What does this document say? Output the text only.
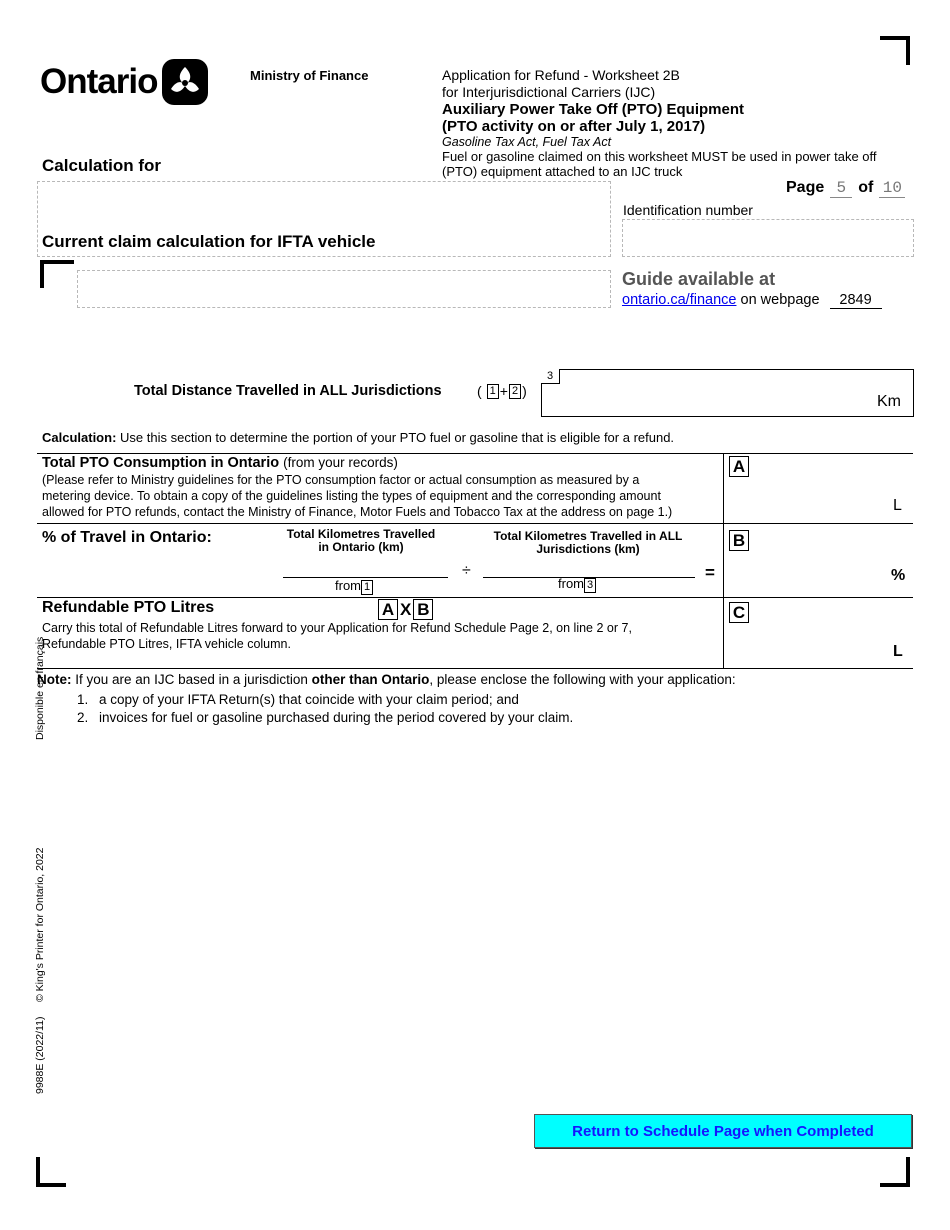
Ontario	Ministry of Finance	Application for Refund - Worksheet 2B
for Interjurisdictional Carriers (IJC)
Auxiliary Power Take Off (PTO) Equipment
(PTO activity on or after July 1, 2017)
Gasoline Tax Act, Fuel Tax Act
Fuel or gasoline claimed on this worksheet MUST be used in power take off
(PTO) equipment attached to an IJC truck
Calculation for
Current claim calculation for IFTA vehicle
Page 5 of 10
Identification number
Guide available at
ontario.ca/finance on webpage 2849
Total Distance Travelled in ALL Jurisdictions	( 1 + 2 )
3
Km
Calculation: Use this section to determine the portion of your PTO fuel or gasoline that is eligible for a refund.
Total PTO Consumption in Ontario (from your records)
(Please refer to Ministry guidelines for the PTO consumption factor or actual consumption as measured by a
metering device. To obtain a copy of the guidelines listing the types of equipment and the corresponding amount
allowed for PTO refunds, contact the Ministry of Finance, Motor Fuels and Tobacco Tax at the address on page 1.)
A
L
% of Travel in Ontario:	Total Kilometres Travelled
in Ontario (km)
Total Kilometres Travelled in ALL
Jurisdictions (km)
÷	=
from 1	from 3
B
%
Refundable PTO Litres	A X B
Carry this total of Refundable Litres forward to your Application for Refund Schedule Page 2, on line 2 or 7,
Refundable PTO Litres, IFTA vehicle column.
C
L
Note: If you are an IJC based in a jurisdiction other than Ontario, please enclose the following with your application:
1. a copy of your IFTA Return(s) that coincide with your claim period; and
2. invoices for fuel or gasoline purchased during the period covered by your claim.
Disponible en français
© King's Printer for Ontario, 2022
9988E (2022/11)
Return to Schedule Page when Completed
